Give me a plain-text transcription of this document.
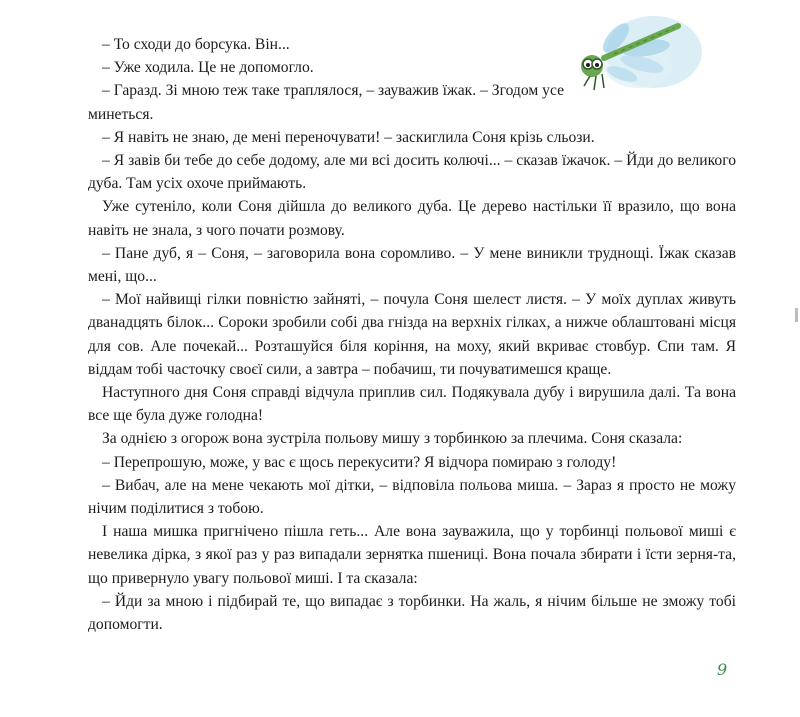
– То сходи до борсука. Він...

– Уже ходила. Це не допомогло.

– Гаразд. Зі мною теж таке траплялося, – зауважив їжак. – Згодом усе минеться.

– Я навіть не знаю, де мені переночувати! – заскиглила Соня крізь сльози.

– Я завів би тебе до себе додому, але ми всі досить колючі... – сказав їжачок. – Йди до великого дуба. Там усіх охоче приймають.

Уже сутеніло, коли Соня дійшла до великого дуба. Це дерево настільки її вразило, що вона навіть не знала, з чого почати розмову.

– Пане дуб, я – Соня, – заговорила вона соромливо. – У мене виникли труднощі. Їжак сказав мені, що...

– Мої найвищі гілки повністю зайняті, – почула Соня шелест листя. – У моїх дуплах живуть дванадцять білок... Сороки зробили собі два гнізда на верхніх гілках, а нижче облаштовані місця для сов. Але почекай... Розташуйся біля коріння, на моху, який вкриває стовбур. Спи там. Я віддам тобі часточку своєї сили, а завтра – побачиш, ти почуватимешся краще.

Наступного дня Соня справді відчула приплив сил. Подякувала дубу і вирушила далі. Та вона все ще була дуже голодна!

За однією з огорож вона зустріла польову мишу з торбинкою за плечима. Соня сказала:

– Перепрошую, може, у вас є щось перекусити? Я відчора помираю з голоду!

– Вибач, але на мене чекають мої дітки, – відповіла польова миша. – Зараз я просто не можу нічим поділитися з тобою.

І наша мишка пригнічено пішла геть... Але вона зауважила, що у торбинці польової миші є невелика дірка, з якої раз у раз випадали зернятка пшениці. Вона почала збирати і їсти зерня-та, що привернуло увагу польової миші. І та сказала:

– Йди за мною і підбирай те, що випадає з торбинки. На жаль, я нічим більше не зможу тобі допомогти.

9
